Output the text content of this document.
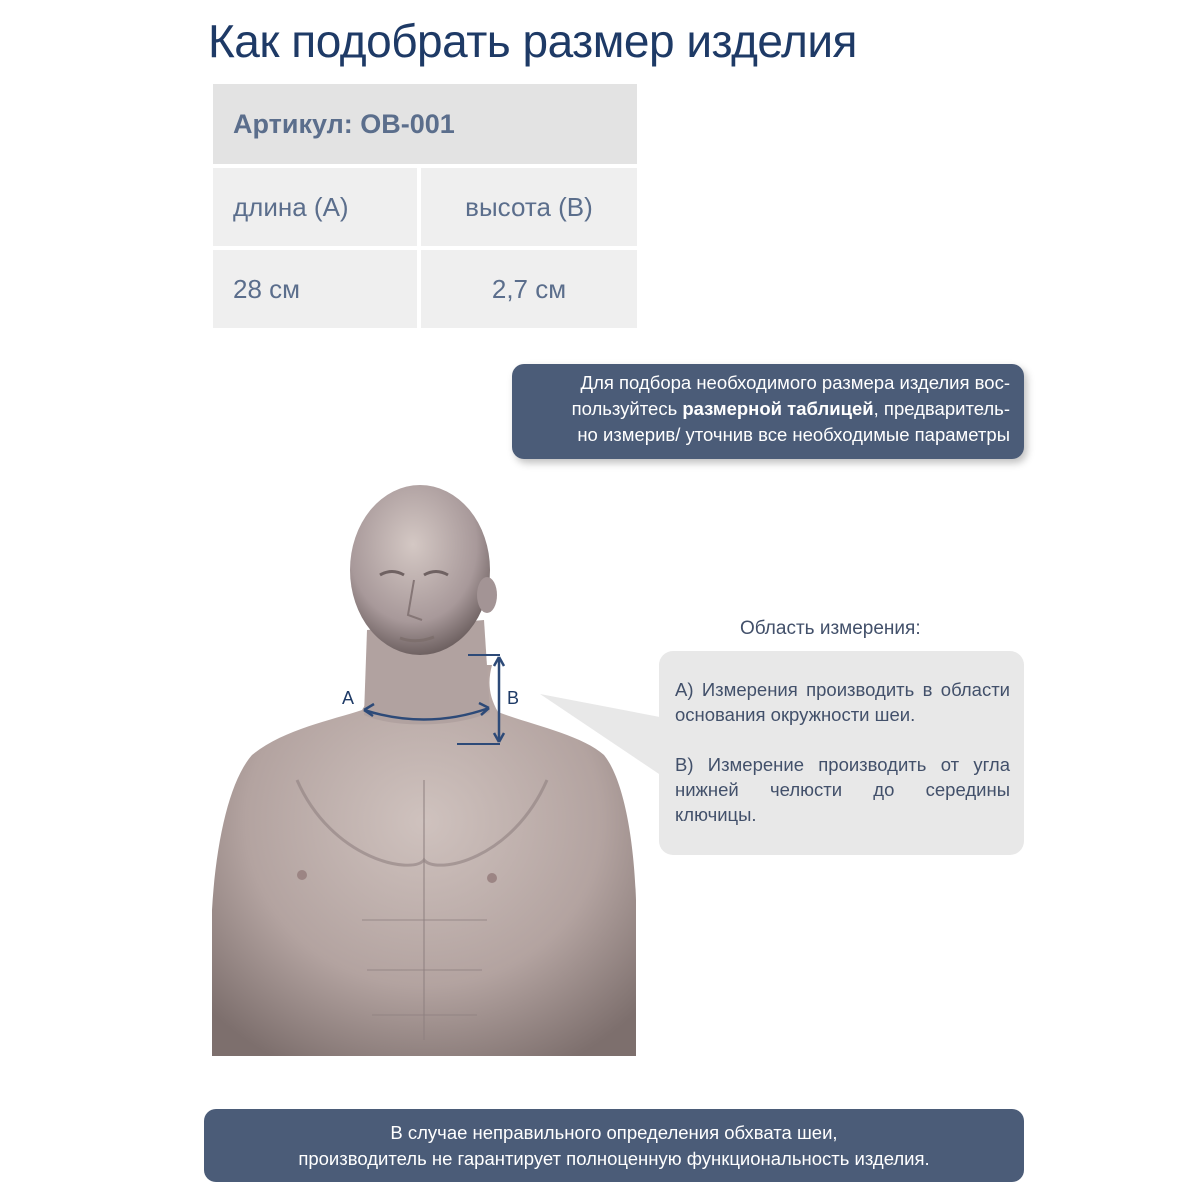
Как подобрать размер изделия
Артикул: OB-001
длина (А)	высота (В)
28 см	2,7 см
Для подбора необходимого размера изделия вос-
пользуйтесь размерной таблицей, предваритель-
но измерив/ уточнив все необходимые параметры
A	B
Область измерения:

А) Измерения производить в области основания окружности шеи.

В) Измерение производить от угла нижней челюсти до середины ключицы.

В случае неправильного определения обхвата шеи,
производитель не гарантирует полноценную функциональность изделия.
